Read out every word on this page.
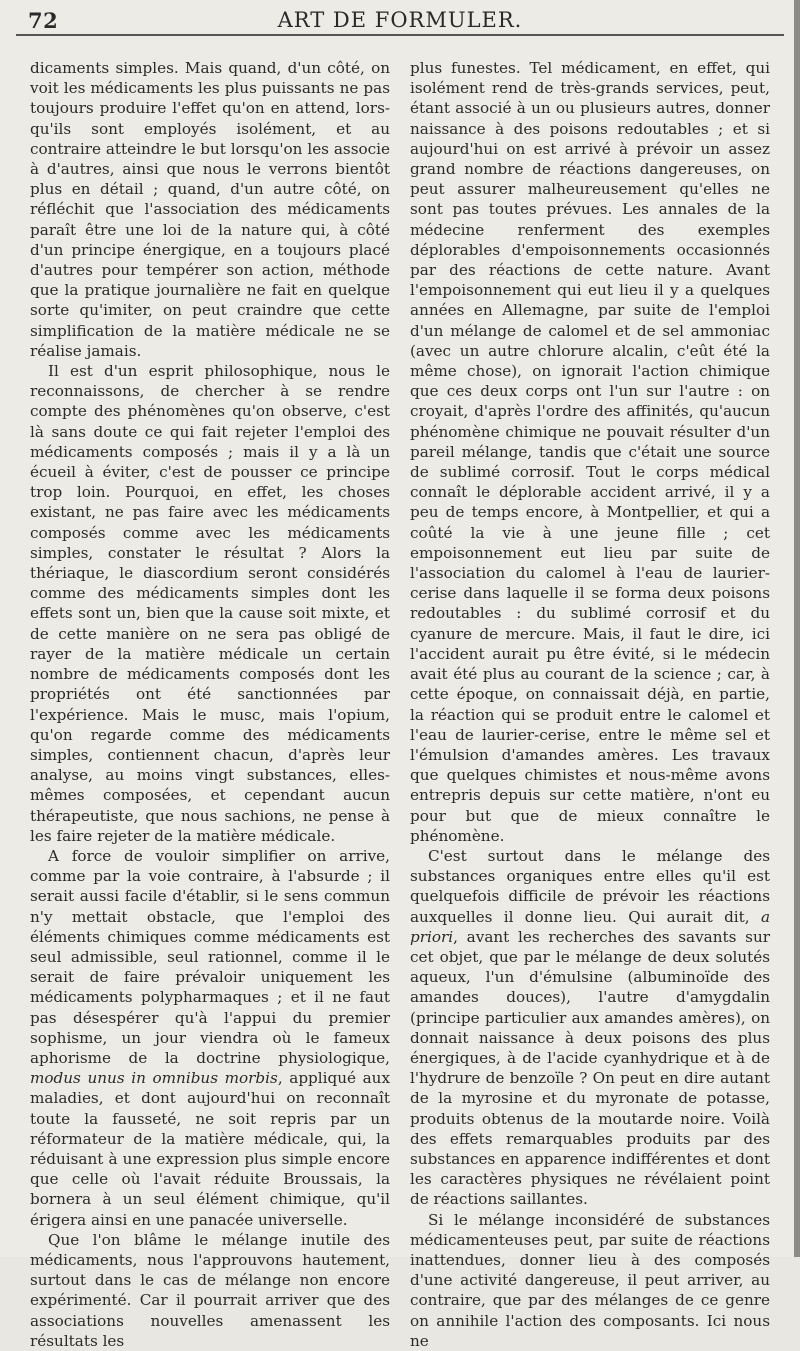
72	ART DE FORMULER.

dicaments simples. Mais quand, d'un côté, on voit les médicaments les plus puissants ne pas toujours produire l'effet qu'on en attend, lors-qu'ils sont employés isolément, et au contraire atteindre le but lorsqu'on les associe à d'autres, ainsi que nous le verrons bientôt plus en détail ; quand, d'un autre côté, on réfléchit que l'association des médicaments paraît être une loi de la nature qui, à côté d'un principe énergique, en a toujours placé d'autres pour tempérer son action, méthode que la pratique journalière ne fait en quelque sorte qu'imiter, on peut craindre que cette simplification de la matière médicale ne se réalise jamais.

Il est d'un esprit philosophique, nous le reconnaissons, de chercher à se rendre compte des phénomènes qu'on observe, c'est là sans doute ce qui fait rejeter l'emploi des médicaments composés ; mais il y a là un écueil à éviter, c'est de pousser ce principe trop loin. Pourquoi, en effet, les choses existant, ne pas faire avec les médicaments composés comme avec les médicaments simples, constater le résultat ? Alors la thériaque, le diascordium seront considérés comme des médicaments simples dont les effets sont un, bien que la cause soit mixte, et de cette manière on ne sera pas obligé de rayer de la matière médicale un certain nombre de médicaments composés dont les propriétés ont été sanctionnées par l'expérience. Mais le musc, mais l'opium, qu'on regarde comme des médicaments simples, contiennent chacun, d'après leur analyse, au moins vingt substances, elles-mêmes composées, et cependant aucun thérapeutiste, que nous sachions, ne pense à les faire rejeter de la matière médicale.

A force de vouloir simplifier on arrive, comme par la voie contraire, à l'absurde ; il serait aussi facile d'établir, si le sens commun n'y mettait obstacle, que l'emploi des éléments chimiques comme médicaments est seul admissible, seul rationnel, comme il le serait de faire prévaloir uniquement les médicaments polypharmaques ; et il ne faut pas désespérer qu'à l'appui du premier sophisme, un jour viendra où le fameux aphorisme de la doctrine physiologique, modus unus in omnibus morbis, appliqué aux maladies, et dont aujourd'hui on reconnaît toute la fausseté, ne soit repris par un réformateur de la matière médicale, qui, la réduisant à une expression plus simple encore que celle où l'avait réduite Broussais, la bornera à un seul élément chimique, qu'il érigera ainsi en une panacée universelle.

Que l'on blâme le mélange inutile des médicaments, nous l'approuvons hautement, surtout dans le cas de mélange non encore expérimenté. Car il pourrait arriver que des associations nouvelles amenassent les résultats les

plus funestes. Tel médicament, en effet, qui isolément rend de très-grands services, peut, étant associé à un ou plusieurs autres, donner naissance à des poisons redoutables ; et si aujourd'hui on est arrivé à prévoir un assez grand nombre de réactions dangereuses, on peut assurer malheureusement qu'elles ne sont pas toutes prévues. Les annales de la médecine renferment des exemples déplorables d'empoisonnements occasionnés par des réactions de cette nature. Avant l'empoisonnement qui eut lieu il y a quelques années en Allemagne, par suite de l'emploi d'un mélange de calomel et de sel ammoniac (avec un autre chlorure alcalin, c'eût été la même chose), on ignorait l'action chimique que ces deux corps ont l'un sur l'autre : on croyait, d'après l'ordre des affinités, qu'aucun phénomène chimique ne pouvait résulter d'un pareil mélange, tandis que c'était une source de sublimé corrosif. Tout le corps médical connaît le déplorable accident arrivé, il y a peu de temps encore, à Montpellier, et qui a coûté la vie à une jeune fille ; cet empoisonnement eut lieu par suite de l'association du calomel à l'eau de laurier-cerise dans laquelle il se forma deux poisons redoutables : du sublimé corrosif et du cyanure de mercure. Mais, il faut le dire, ici l'accident aurait pu être évité, si le médecin avait été plus au courant de la science ; car, à cette époque, on connaissait déjà, en partie, la réaction qui se produit entre le calomel et l'eau de laurier-cerise, entre le même sel et l'émulsion d'amandes amères. Les travaux que quelques chimistes et nous-même avons entrepris depuis sur cette matière, n'ont eu pour but que de mieux connaître le phénomène.

C'est surtout dans le mélange des substances organiques entre elles qu'il est quelquefois difficile de prévoir les réactions auxquelles il donne lieu. Qui aurait dit, a priori, avant les recherches des savants sur cet objet, que par le mélange de deux solutés aqueux, l'un d'émulsine (albuminoïde des amandes douces), l'autre d'amygdalin (principe particulier aux amandes amères), on donnait naissance à deux poisons des plus énergiques, à de l'acide cyanhydrique et à de l'hydrure de benzoïle ? On peut en dire autant de la myrosine et du myronate de potasse, produits obtenus de la moutarde noire. Voilà des effets remarquables produits par des substances en apparence indifférentes et dont les caractères physiques ne révélaient point de réactions saillantes.

Si le mélange inconsidéré de substances médicamenteuses peut, par suite de réactions inattendues, donner lieu à des composés d'une activité dangereuse, il peut arriver, au contraire, que par des mélanges de ce genre on annihile l'action des composants. Ici nous ne
